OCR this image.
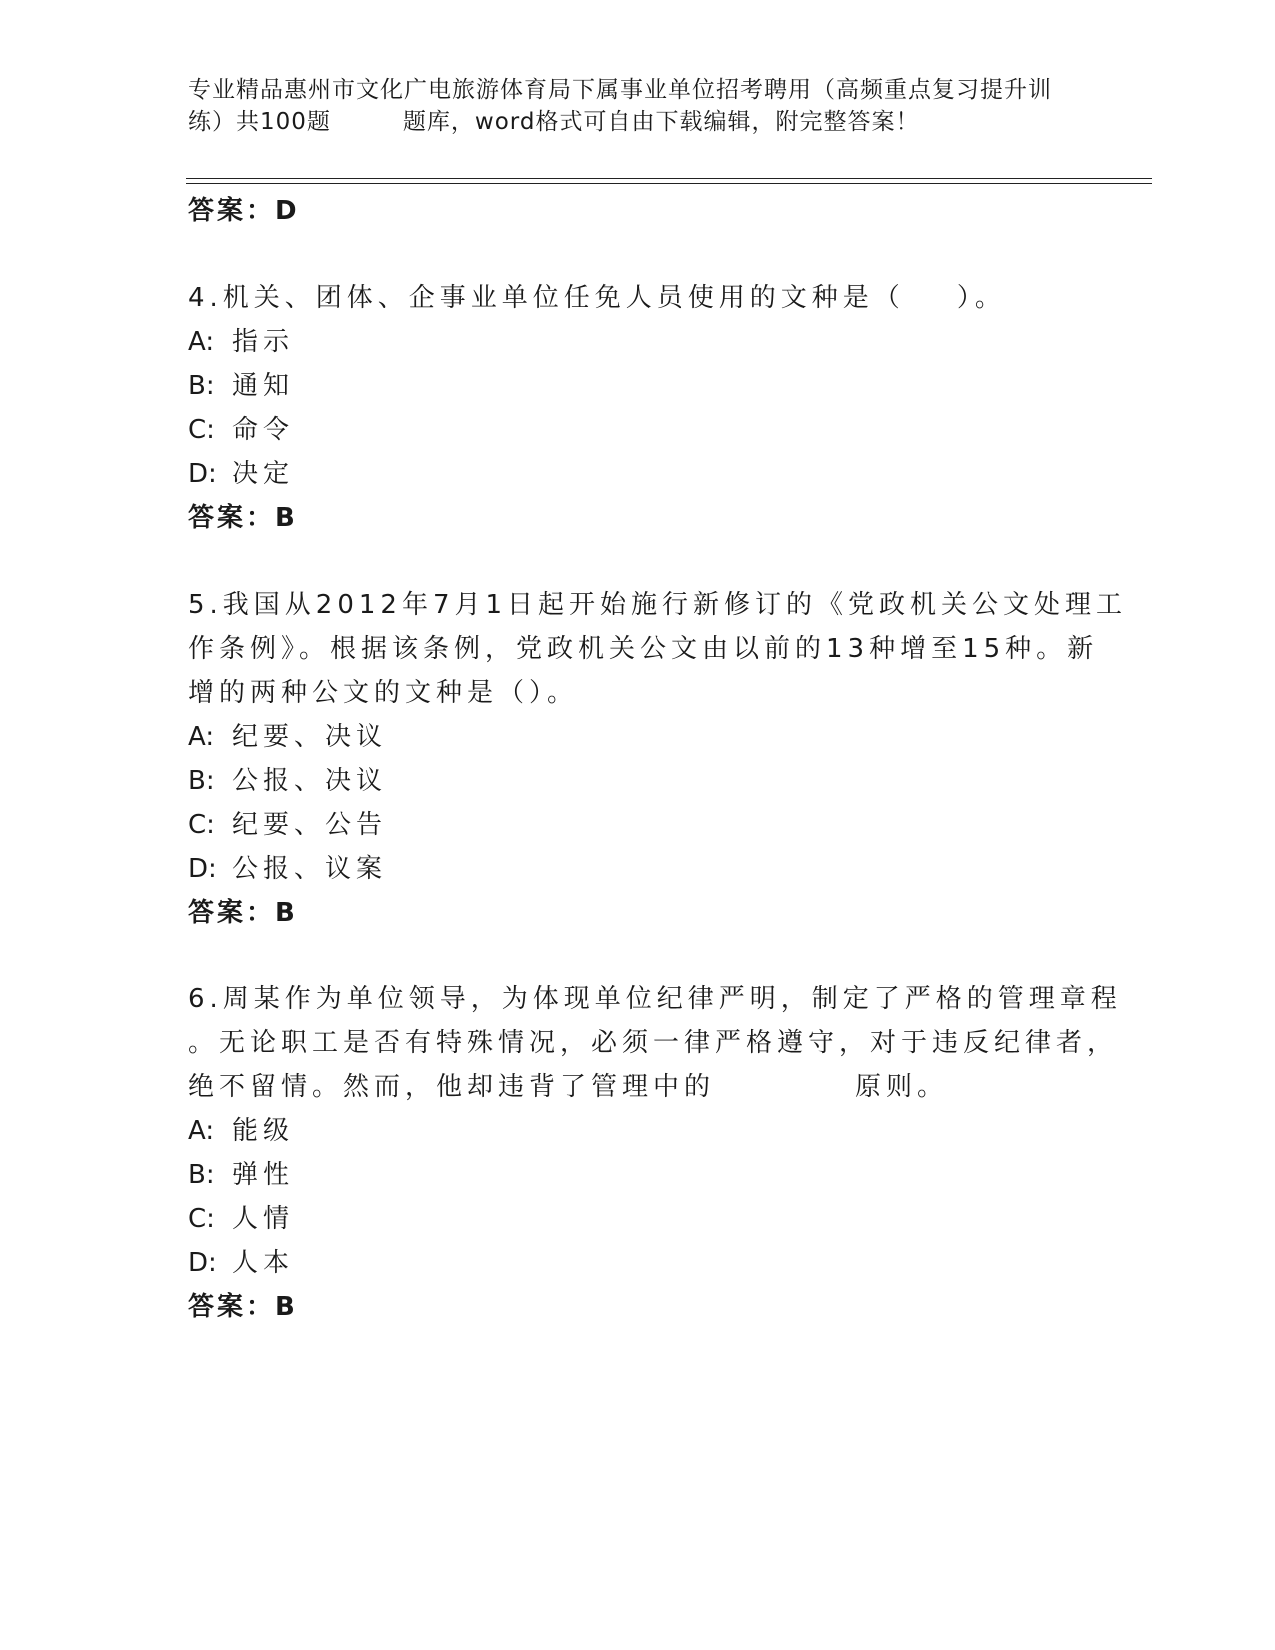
专业精品惠州市文化广电旅游体育局下属事业单位招考聘用（高频重点复习提升训
练）共100题	题库，word格式可自由下载编辑，附完整答案！
答案：D
4.机关、团体、企事业单位任免人员使用的文种是（ ）。
A: 指示
B: 通知
C: 命令
D: 决定
答案：B
5.我国从2012年7月1日起开始施行新修订的《党政机关公文处理工
作条例》。根据该条例，党政机关公文由以前的13种增至15种。新
增的两种公文的文种是（）。
A: 纪要、决议
B: 公报、决议
C: 纪要、公告
D: 公报、议案
答案：B
6.周某作为单位领导，为体现单位纪律严明，制定了严格的管理章程
。无论职工是否有特殊情况，必须一律严格遵守，对于违反纪律者，
绝不留情。然而，他却违背了管理中的	原则。
A: 能级
B: 弹性
C: 人情
D: 人本
答案：B
